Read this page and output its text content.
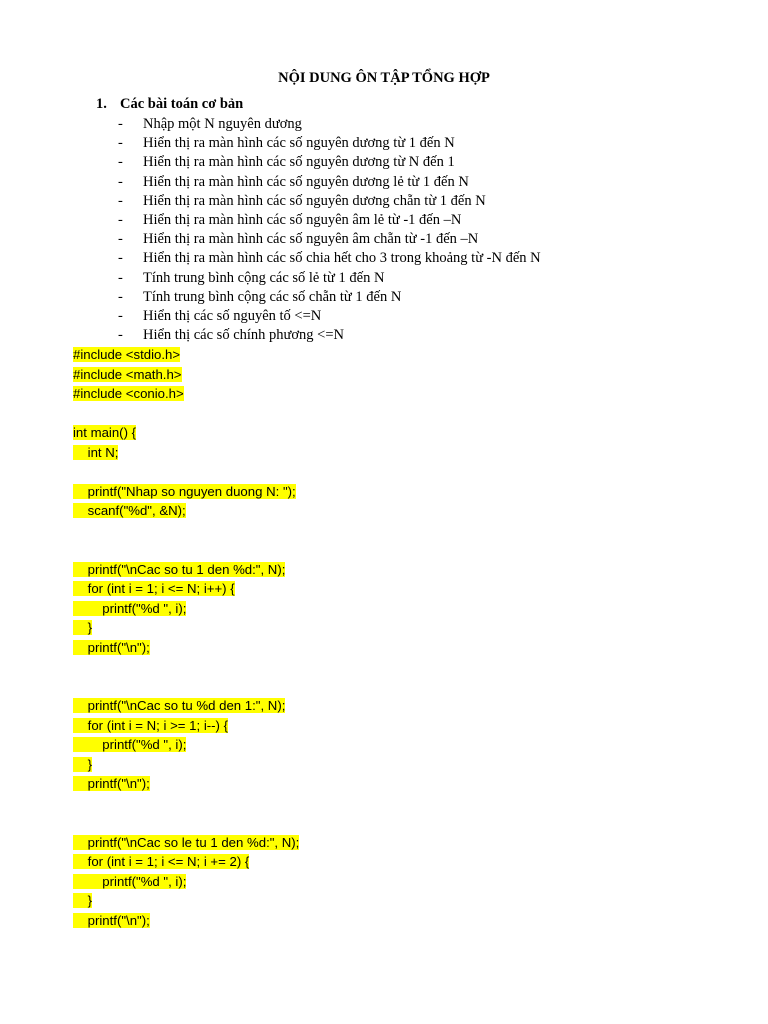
NỘI DUNG ÔN TẬP TỔNG HỢP
1. Các bài toán cơ bản
- Nhập một N nguyên dương
- Hiển thị ra màn hình các số nguyên dương từ 1 đến N
- Hiển thị ra màn hình các số nguyên dương từ N đến 1
- Hiển thị ra màn hình các số nguyên dương lẻ từ 1 đến N
- Hiển thị ra màn hình các số nguyên dương chẵn từ 1 đến N
- Hiển thị ra màn hình các số nguyên âm lẻ từ -1 đến –N
- Hiển thị ra màn hình các số nguyên âm chẵn từ -1 đến –N
- Hiển thị ra màn hình các số chia hết cho 3 trong khoảng từ -N đến N
- Tính trung bình cộng các số lẻ từ 1 đến N
- Tính trung bình cộng các số chẵn từ 1 đến N
- Hiển thị các số nguyên tố <=N
- Hiển thị các số chính phương <=N
#include <stdio.h>
#include <math.h>
#include <conio.h>
int main() {
int N;
printf("Nhap so nguyen duong N: ");
scanf("%d", &N);
printf("\nCac so tu 1 den %d:", N);
for (int i = 1; i <= N; i++) {
printf("%d ", i);
}
printf("\n");
printf("\nCac so tu %d den 1:", N);
for (int i = N; i >= 1; i--) {
printf("%d ", i);
}
printf("\n");
printf("\nCac so le tu 1 den %d:", N);
for (int i = 1; i <= N; i += 2) {
printf("%d ", i);
}
printf("\n");
